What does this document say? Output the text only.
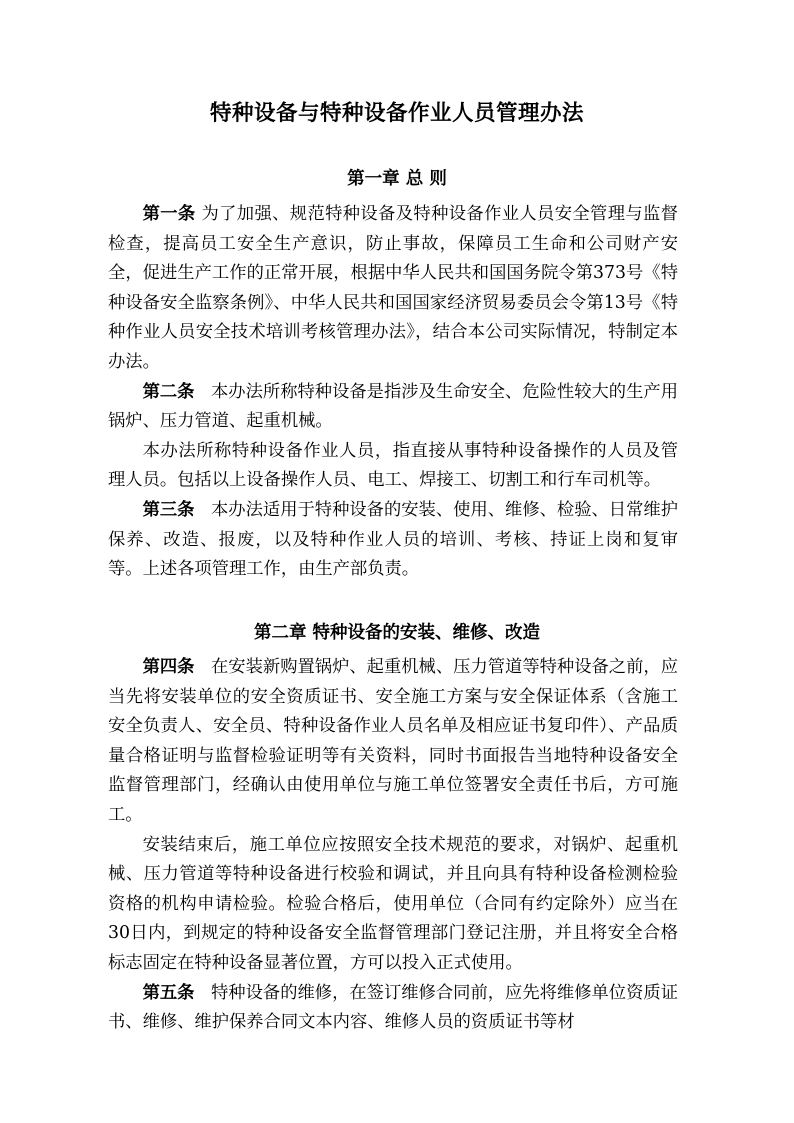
特种设备与特种设备作业人员管理办法
第一章 总 则

第一条 为了加强、规范特种设备及特种设备作业人员安全管理与监督检查，提高员工安全生产意识，防止事故，保障员工生命和公司财产安全，促进生产工作的正常开展，根据中华人民共和国国务院令第373号《特种设备安全监察条例》、中华人民共和国国家经济贸易委员会令第13号《特种作业人员安全技术培训考核管理办法》，结合本公司实际情况，特制定本办法。

第二条 本办法所称特种设备是指涉及生命安全、危险性较大的生产用锅炉、压力管道、起重机械。

本办法所称特种设备作业人员，指直接从事特种设备操作的人员及管理人员。包括以上设备操作人员、电工、焊接工、切割工和行车司机等。

第三条 本办法适用于特种设备的安装、使用、维修、检验、日常维护保养、改造、报废，以及特种作业人员的培训、考核、持证上岗和复审等。上述各项管理工作，由生产部负责。

第二章 特种设备的安装、维修、改造

第四条 在安装新购置锅炉、起重机械、压力管道等特种设备之前，应当先将安装单位的安全资质证书、安全施工方案与安全保证体系（含施工安全负责人、安全员、特种设备作业人员名单及相应证书复印件）、产品质量合格证明与监督检验证明等有关资料，同时书面报告当地特种设备安全监督管理部门，经确认由使用单位与施工单位签署安全责任书后，方可施工。

安装结束后，施工单位应按照安全技术规范的要求，对锅炉、起重机械、压力管道等特种设备进行校验和调试，并且向具有特种设备检测检验资格的机构申请检验。检验合格后，使用单位（合同有约定除外）应当在30日内，到规定的特种设备安全监督管理部门登记注册，并且将安全合格标志固定在特种设备显著位置，方可以投入正式使用。

第五条 特种设备的维修，在签订维修合同前，应先将维修单位资质证书、维修、维护保养合同文本内容、维修人员的资质证书等材
